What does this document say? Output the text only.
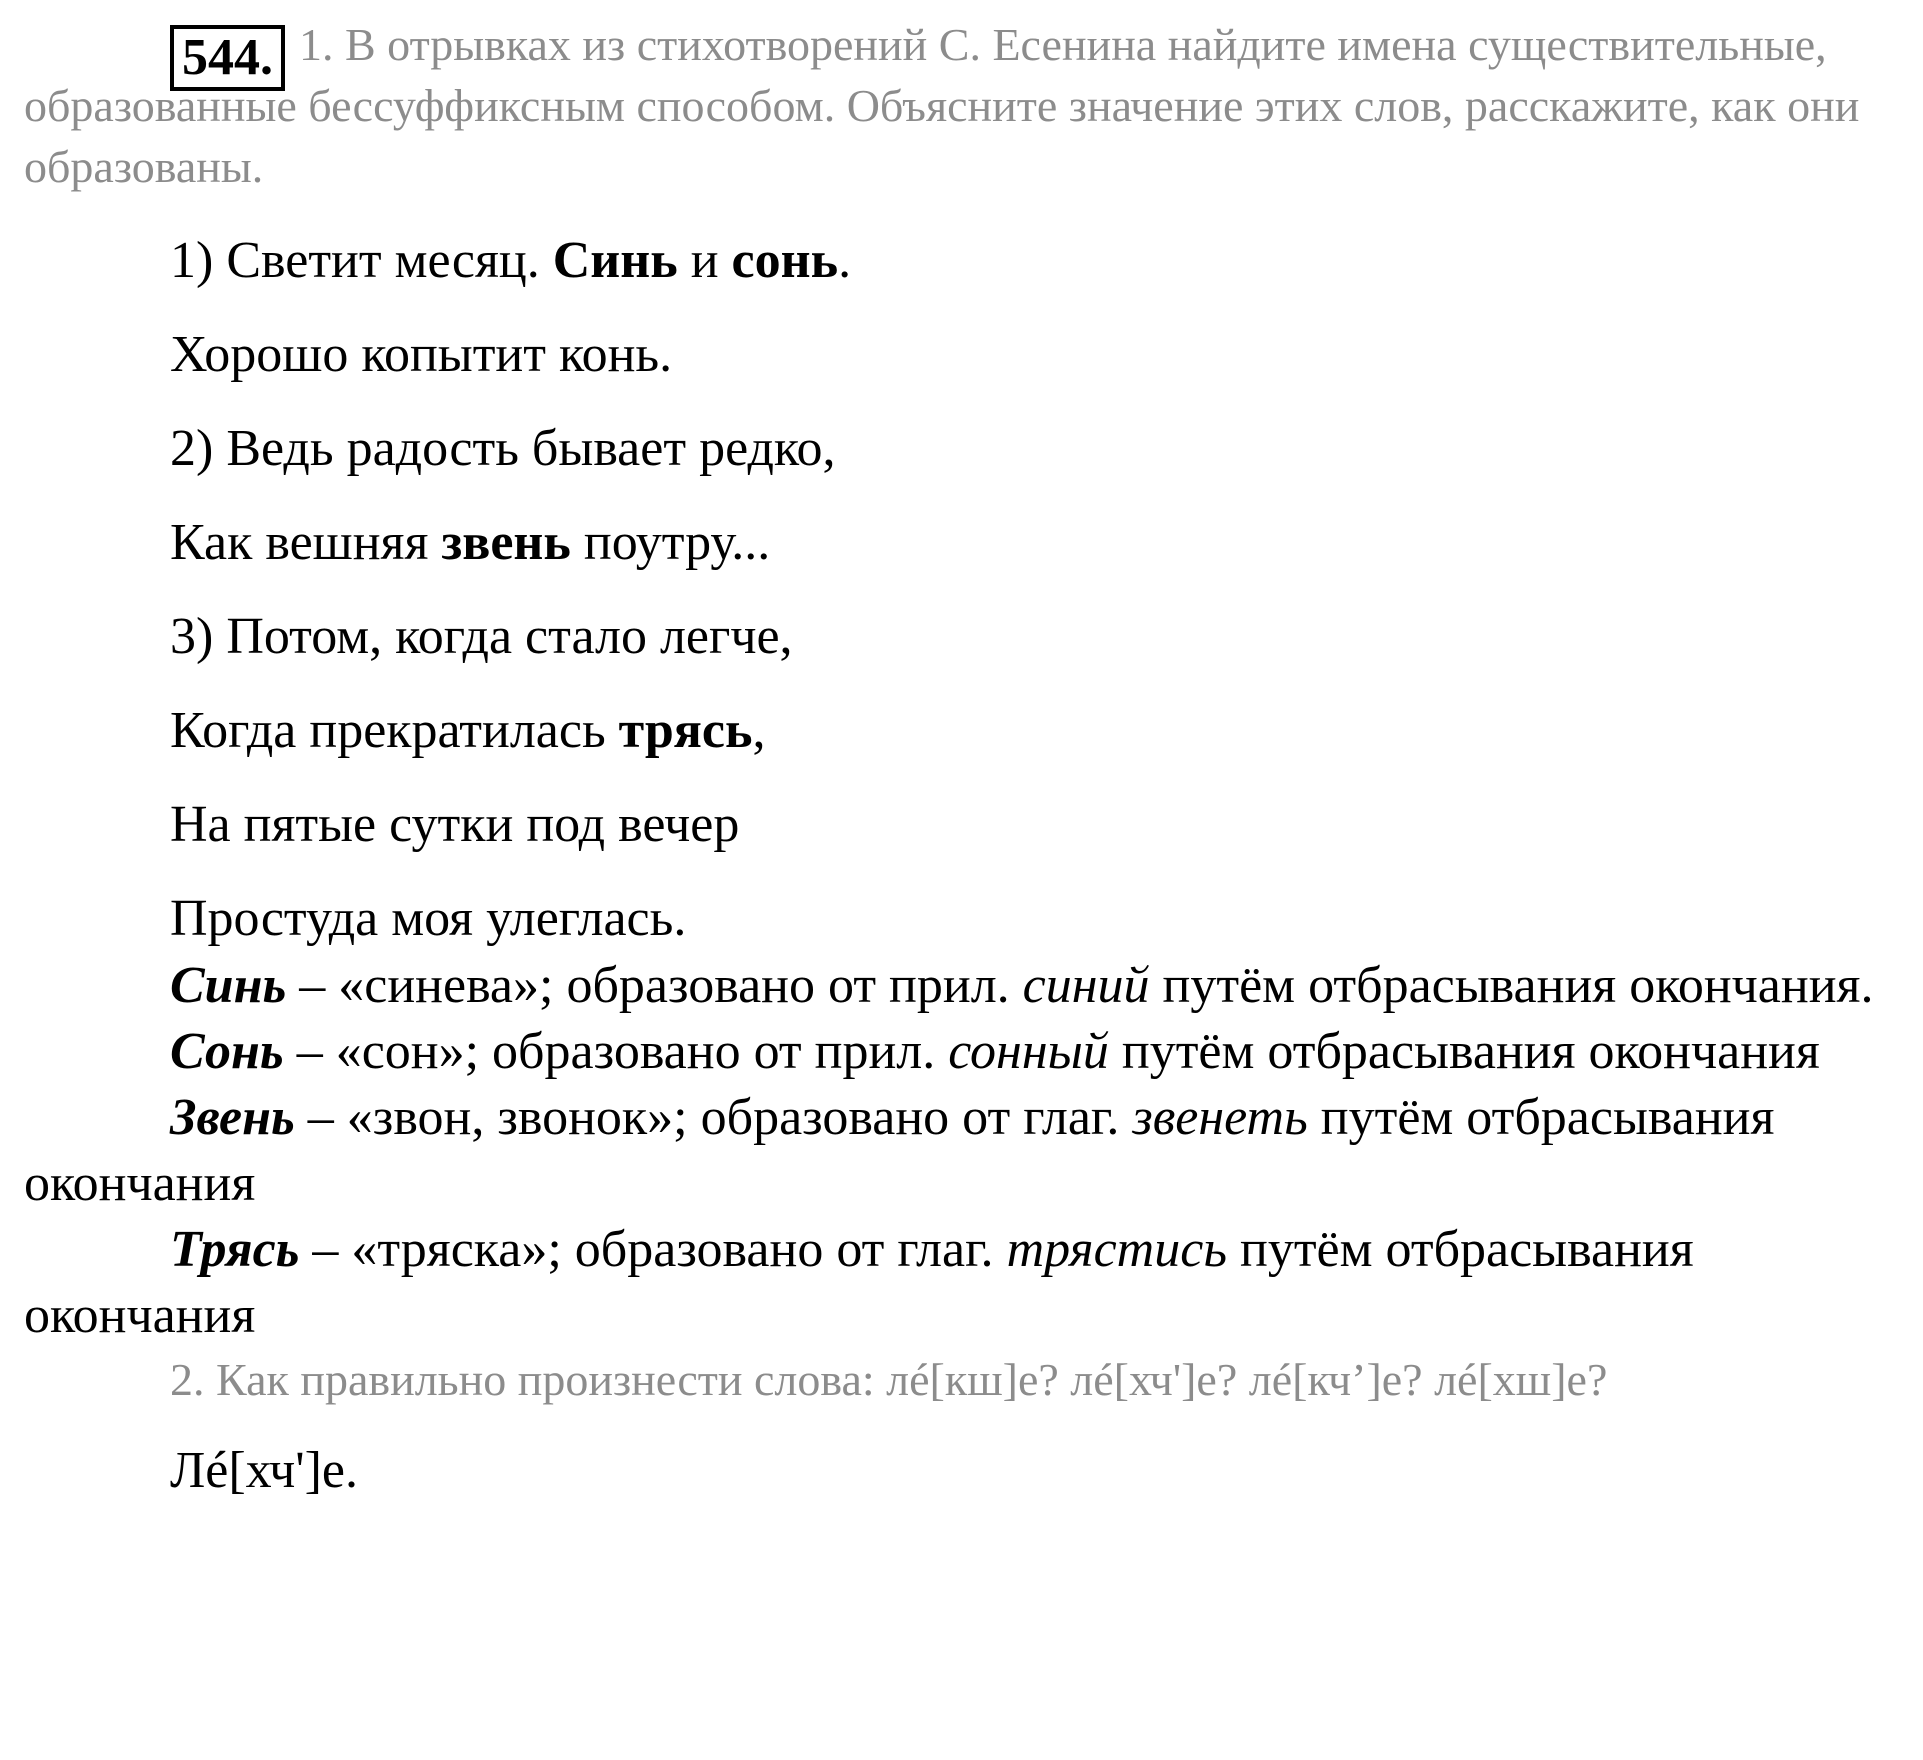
544. 1. В отрывках из стихотворений С. Есенина найдите имена существительные, образованные бессуффиксным способом. Объясните значение этих слов, расскажите, как они образованы.

1) Светит месяц. Синь и сонь.

Хорошо копытит конь.

2) Ведь радость бывает редко,

Как вешняя звень поутру...

3) Потом, когда стало легче,

Когда прекратилась трясь,

На пятые сутки под вечер

Простуда моя улеглась.

Синь – «синева»; образовано от прил. синий путём отбрасывания окончания.

Сонь – «сон»; образовано от прил. сонный путём отбрасывания окончания

Звень – «звон, звонок»; образовано от глаг. звенеть путём отбрасывания окончания

Трясь – «тряска»; образовано от глаг. трястись путём отбрасывания окончания

2. Как правильно произнести слова: лé[кш]е? лé[хч']е? лé[кч’]е? лé[хш]е?

Лé[хч']е.
